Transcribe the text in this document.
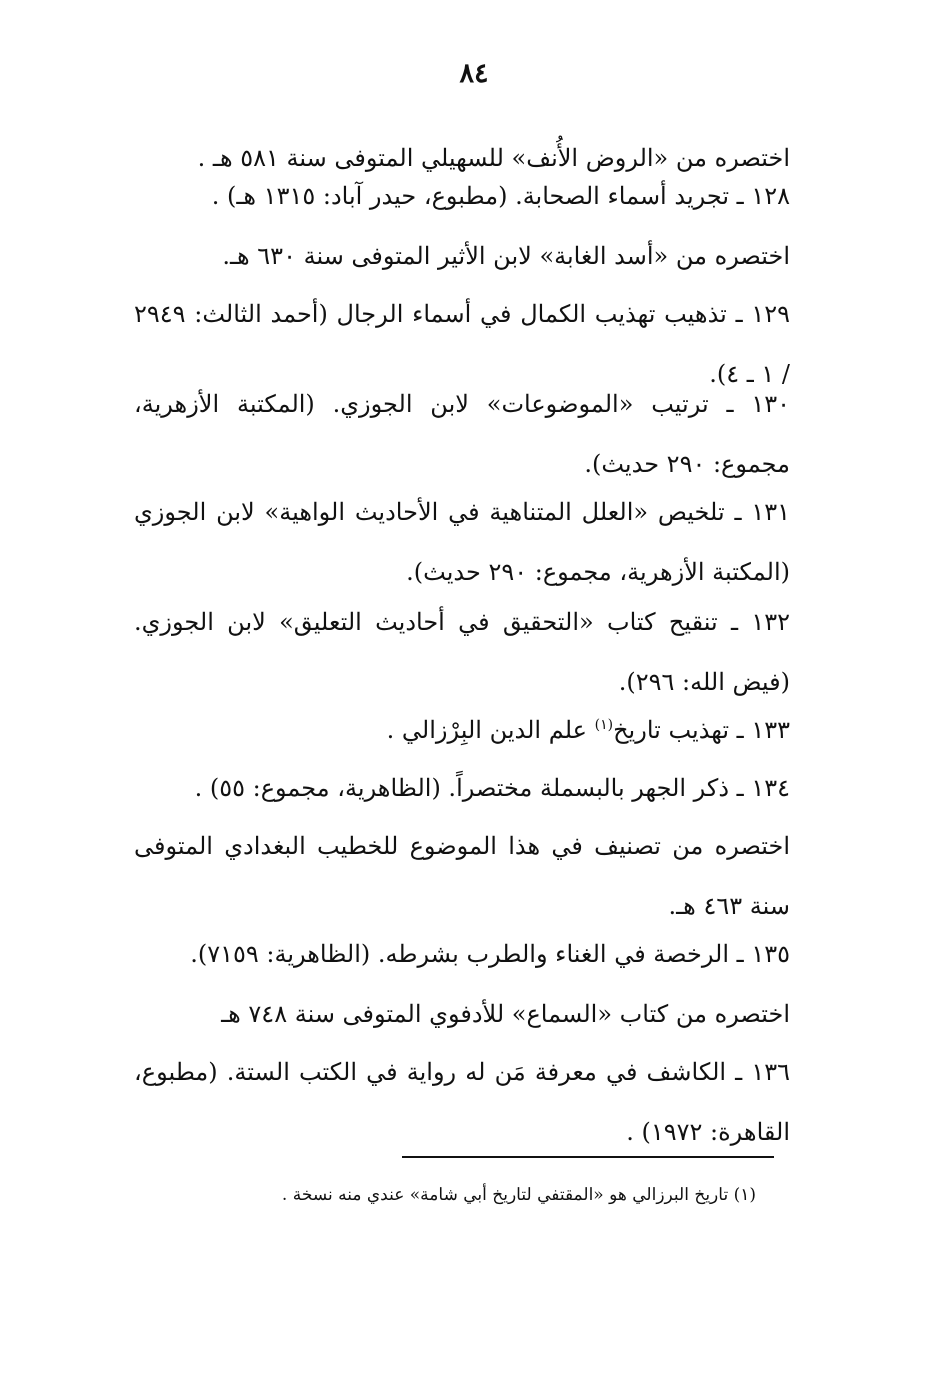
٨٤

اختصره من «الروض الأُنف» للسهيلي المتوفى سنة ٥٨١ هـ .

١٢٨ ـ تجريد أسماء الصحابة. (مطبوع، حيدر آباد: ١٣١٥ هـ) .

اختصره من «أسد الغابة» لابن الأثير المتوفى سنة ٦٣٠ هـ.

١٢٩ ـ تذهيب تهذيب الكمال في أسماء الرجال (أحمد الثالث: ٢٩٤٩ / ١ ـ ٤).

١٣٠ ـ ترتيب «الموضوعات» لابن الجوزي. (المكتبة الأزهرية، مجموع: ٢٩٠ حديث).

١٣١ ـ تلخيص «العلل المتناهية في الأحاديث الواهية» لابن الجوزي (المكتبة الأزهرية، مجموع: ٢٩٠ حديث).

١٣٢ ـ تنقيح كتاب «التحقيق في أحاديث التعليق» لابن الجوزي. (فيض الله: ٢٩٦).

١٣٣ ـ تهذيب تاريخ$^{(١)}$ علم الدين البِرْزالي .

١٣٤ ـ ذكر الجهر بالبسملة مختصراً. (الظاهرية، مجموع: ٥٥) .

اختصره من تصنيف في هذا الموضوع للخطيب البغدادي المتوفى سنة ٤٦٣ هـ.

١٣٥ ـ الرخصة في الغناء والطرب بشرطه. (الظاهرية: ٧١٥٩).

اختصره من كتاب «السماع» للأدفوي المتوفى سنة ٧٤٨ هـ

١٣٦ ـ الكاشف في معرفة مَن له رواية في الكتب الستة. (مطبوع، القاهرة: ١٩٧٢) .

(١) تاريخ البرزالي هو «المقتفي لتاريخ أبي شامة» عندي منه نسخة .
